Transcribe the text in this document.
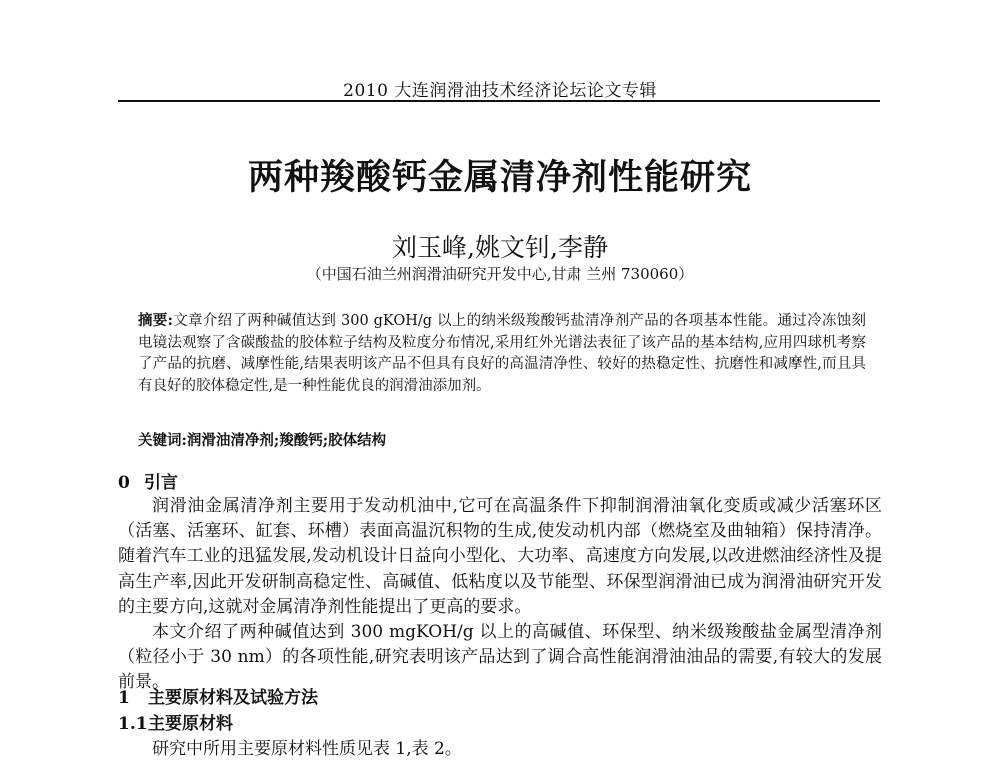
2010 大连润滑油技术经济论坛论文专辑
两种羧酸钙金属清净剂性能研究
刘玉峰,姚文钊,李静
（中国石油兰州润滑油研究开发中心,甘肃 兰州 730060）
摘要:文章介绍了两种碱值达到 300 gKOH/g 以上的纳米级羧酸钙盐清净剂产品的各项基本性能。通过冷冻蚀刻电镜法观察了含碳酸盐的胶体粒子结构及粒度分布情况,采用红外光谱法表征了该产品的基本结构,应用四球机考察了产品的抗磨、减摩性能,结果表明该产品不但具有良好的高温清净性、较好的热稳定性、抗磨性和减摩性,而且具有良好的胶体稳定性,是一种性能优良的润滑油添加剂。
关键词:润滑油清净剂;羧酸钙;胶体结构
0 引言

润滑油金属清净剂主要用于发动机油中,它可在高温条件下抑制润滑油氧化变质或减少活塞环区（活塞、活塞环、缸套、环槽）表面高温沉积物的生成,使发动机内部（燃烧室及曲轴箱）保持清净。随着汽车工业的迅猛发展,发动机设计日益向小型化、大功率、高速度方向发展,以改进燃油经济性及提高生产率,因此开发研制高稳定性、高碱值、低粘度以及节能型、环保型润滑油已成为润滑油研究开发的主要方向,这就对金属清净剂性能提出了更高的要求。

本文介绍了两种碱值达到 300 mgKOH/g 以上的高碱值、环保型、纳米级羧酸盐金属型清净剂（粒径小于 30 nm）的各项性能,研究表明该产品达到了调合高性能润滑油油品的需要,有较大的发展前景。

1 主要原材料及试验方法
1.1主要原材料
研究中所用主要原材料性质见表 1,表 2。
